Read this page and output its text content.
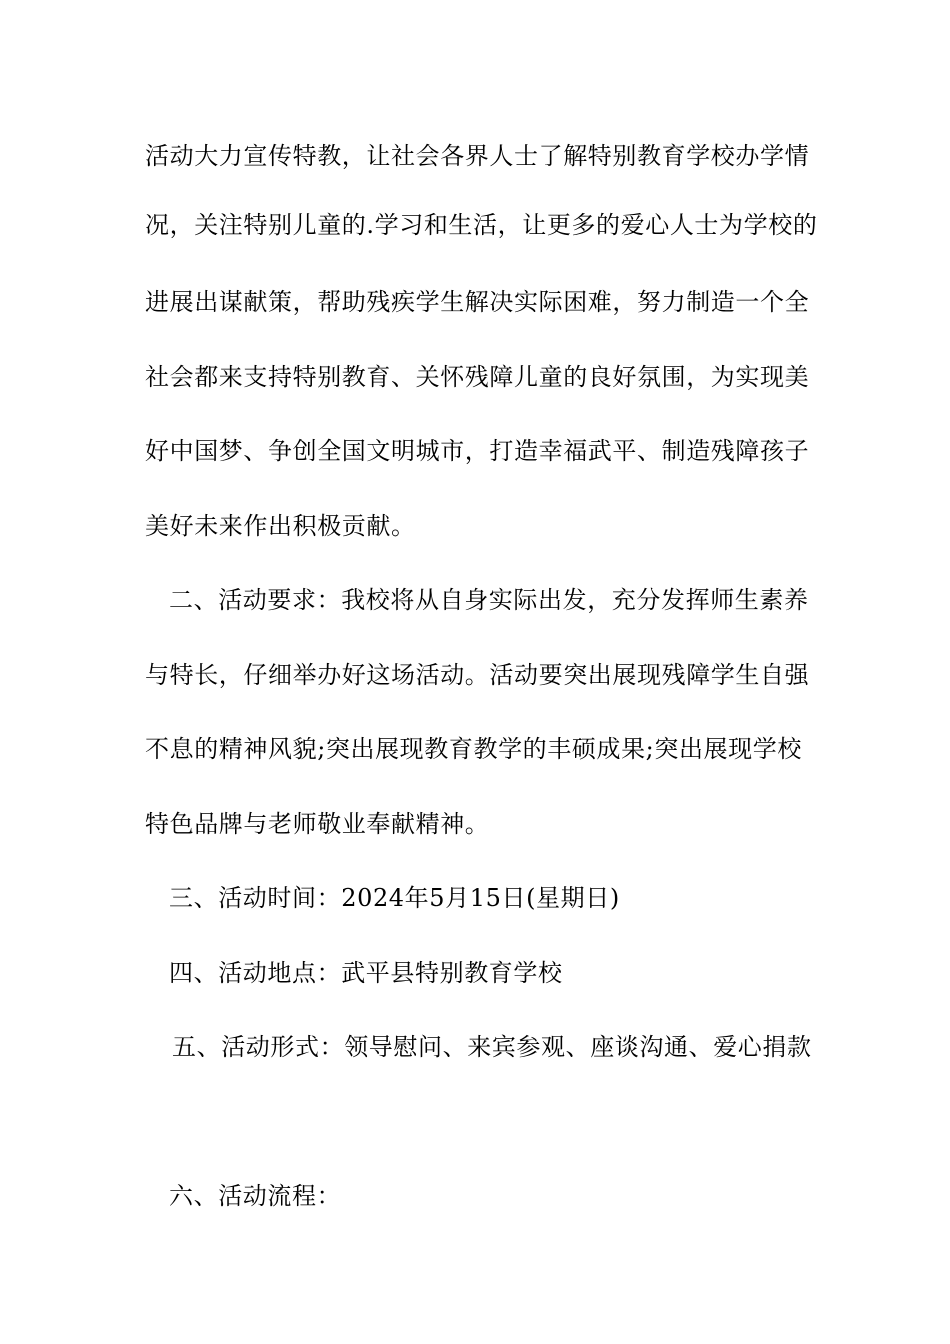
活动大力宣传特教，让社会各界人士了解特别教育学校办学情
况，关注特别儿童的.学习和生活，让更多的爱心人士为学校的
进展出谋献策，帮助残疾学生解决实际困难，努力制造一个全
社会都来支持特别教育、关怀残障儿童的良好氛围，为实现美
好中国梦、争创全国文明城市，打造幸福武平、制造残障孩子
美好未来作出积极贡献。
二、活动要求：我校将从自身实际出发，充分发挥师生素养
与特长，仔细举办好这场活动。活动要突出展现残障学生自强
不息的精神风貌;突出展现教育教学的丰硕成果;突出展现学校
特色品牌与老师敬业奉献精神。
三、活动时间：2024年5月15日(星期日)
四、活动地点：武平县特别教育学校
五、活动形式：领导慰问、来宾参观、座谈沟通、爱心捐款
六、活动流程：
